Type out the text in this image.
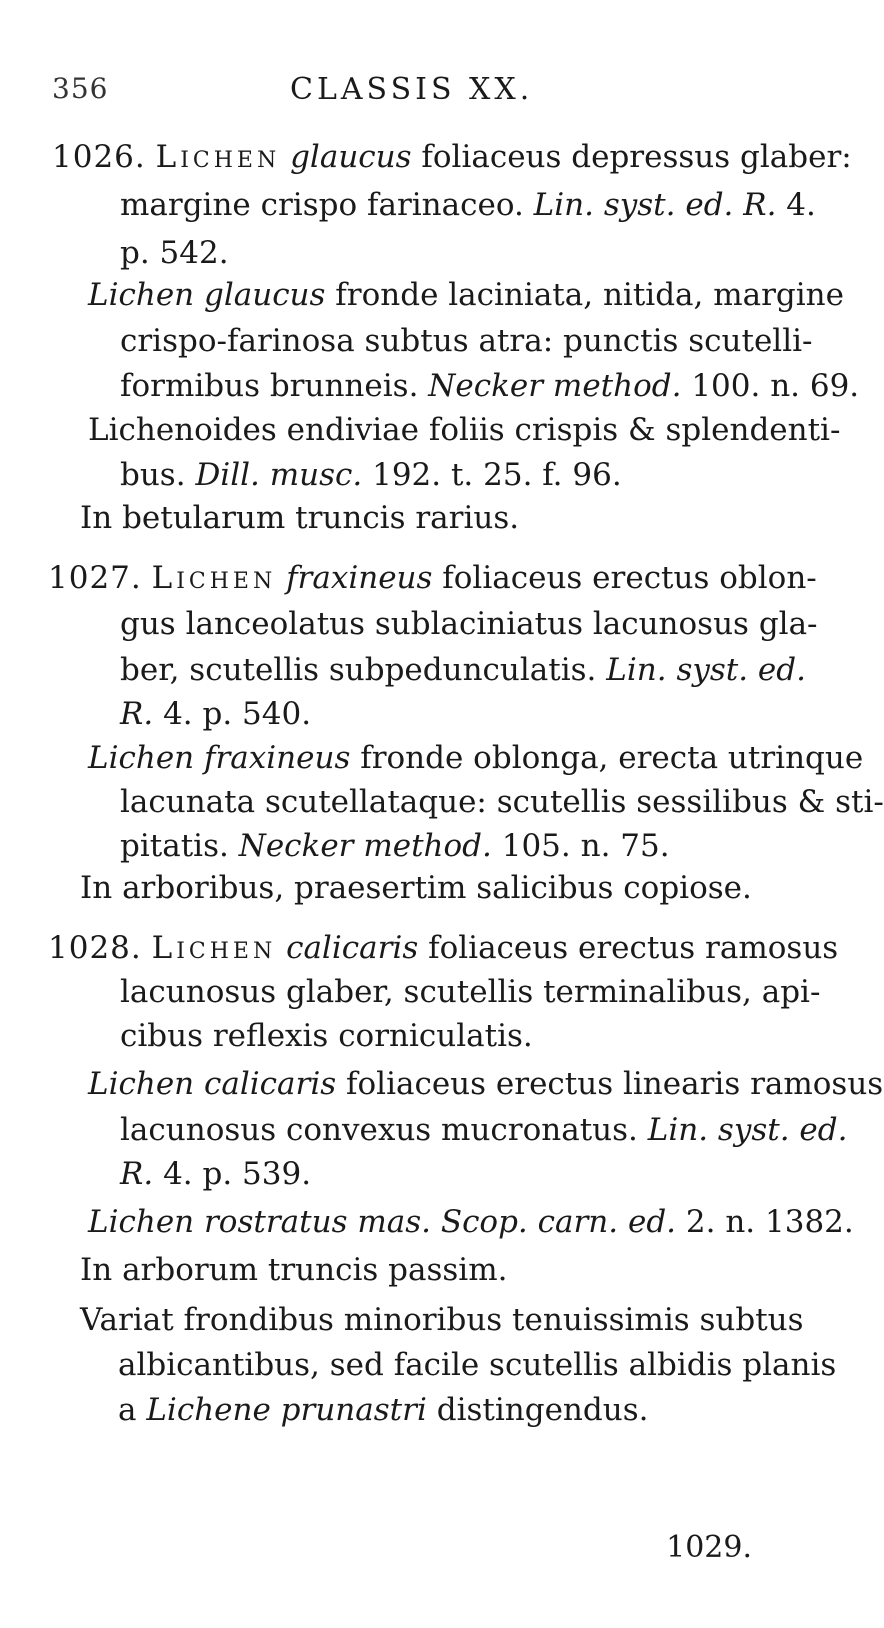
356	CLASSIS XX.
1026. Lichen glaucus foliaceus depressus glaber:
margine crispo farinaceo. Lin. syst. ed. R. 4.
p. 542.
Lichen glaucus fronde laciniata, nitida, margine
crispo-farinosa subtus atra: punctis scutelli-
formibus brunneis. Necker method. 100. n. 69.
Lichenoides endiviae foliis crispis & splendenti-
bus. Dill. musc. 192. t. 25. f. 96.
In betularum truncis rarius.
1027. Lichen fraxineus foliaceus erectus oblon-
gus lanceolatus sublaciniatus lacunosus gla-
ber, scutellis subpedunculatis. Lin. syst. ed.
R. 4. p. 540.
Lichen fraxineus fronde oblonga, erecta utrinque
lacunata scutellataque: scutellis sessilibus & sti-
pitatis. Necker method. 105. n. 75.
In arboribus, praesertim salicibus copiose.
1028. Lichen calicaris foliaceus erectus ramosus
lacunosus glaber, scutellis terminalibus, api-
cibus reflexis corniculatis.
Lichen calicaris foliaceus erectus linearis ramosus
lacunosus convexus mucronatus. Lin. syst. ed.
R. 4. p. 539.
Lichen rostratus mas. Scop. carn. ed. 2. n. 1382.
In arborum truncis passim.
Variat frondibus minoribus tenuissimis subtus
albicantibus, sed facile scutellis albidis planis
a Lichene prunastri distingendus.
1029.
